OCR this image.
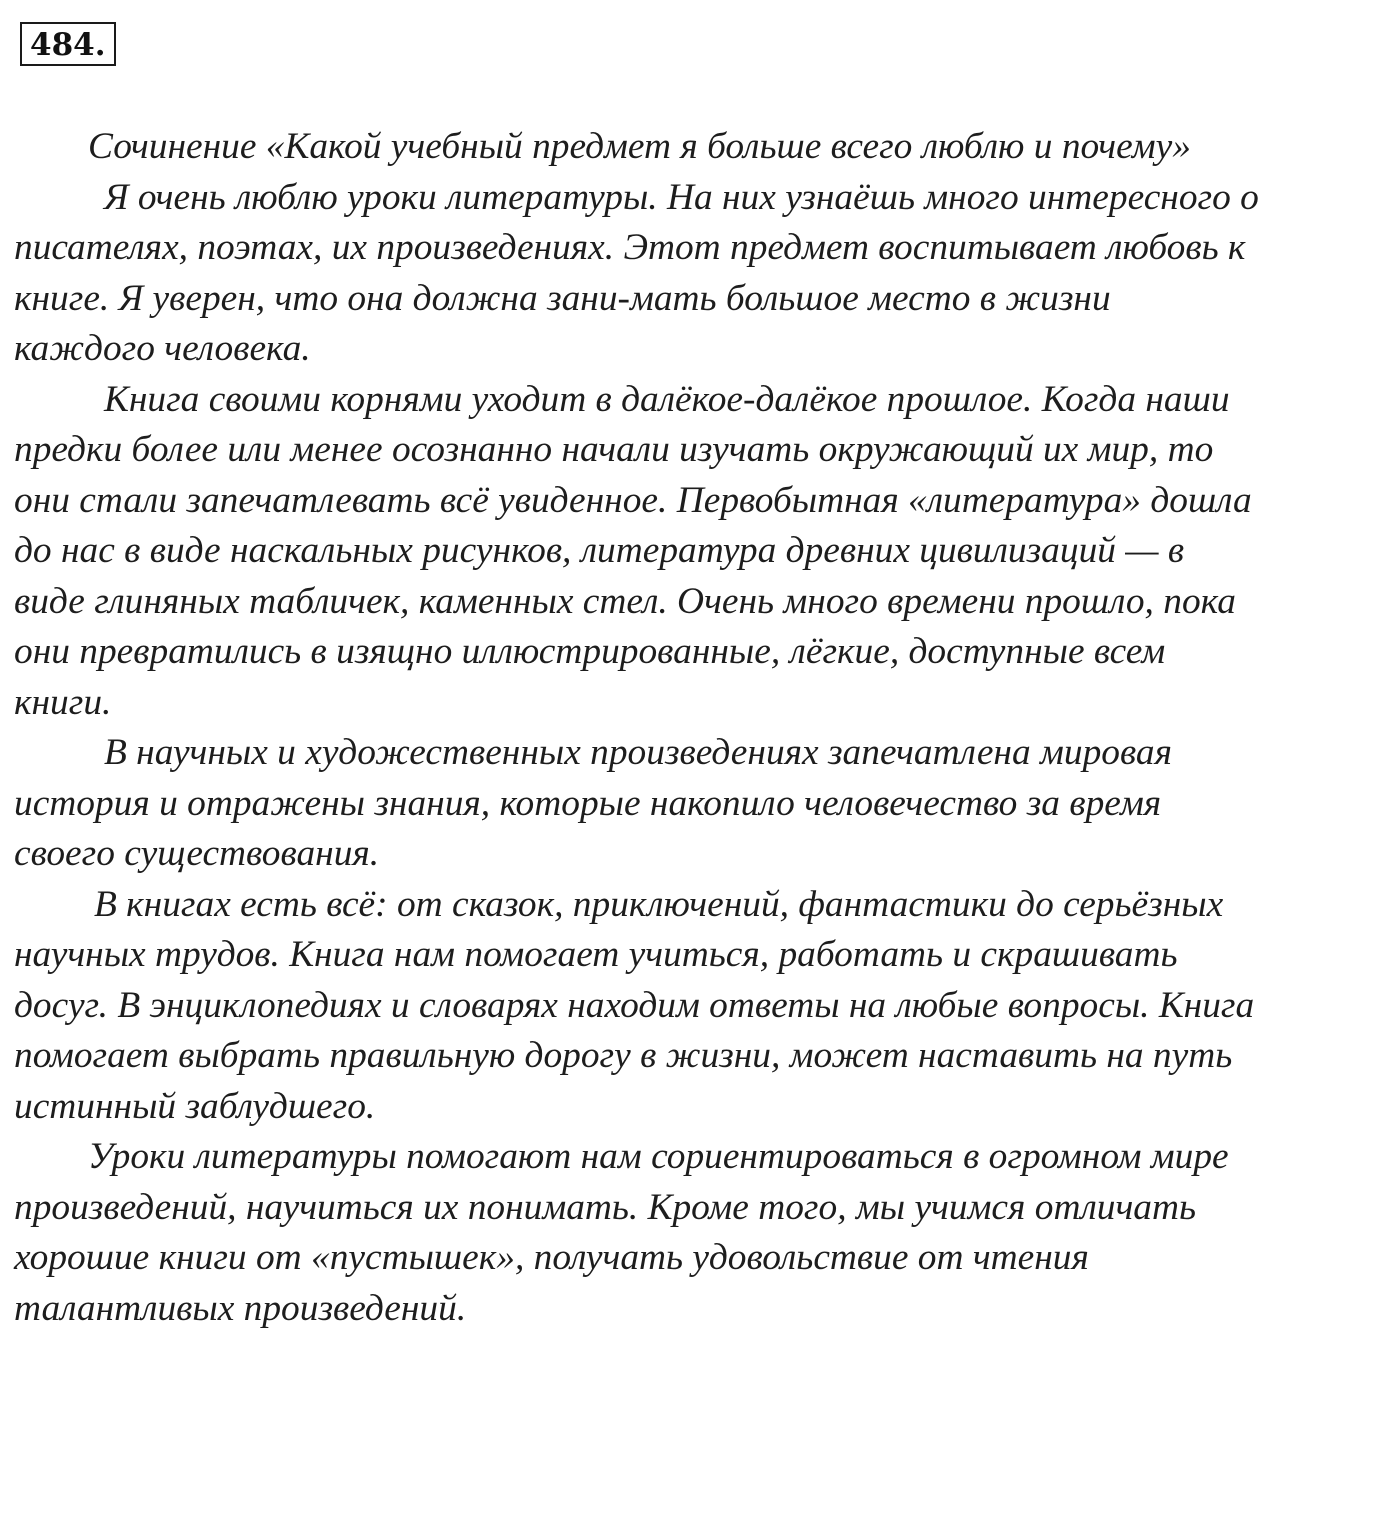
484.

Сочинение «Какой учебный предмет я больше всего люблю и почему»

Я очень люблю уроки литературы. На них узнаёшь много интересного о
писателях, поэтах, их произведениях. Этот предмет воспитывает любовь к
книге. Я уверен, что она должна зани-мать большое место в жизни
каждого человека.

Книга своими корнями уходит в далёкое-далёкое прошлое. Когда наши
предки более или менее осознанно начали изучать окружающий их мир, то
они стали запечатлевать всё увиденное. Первобытная «литература» дошла
до нас в виде наскальных рисунков, литература древних цивилизаций — в
виде глиняных табличек, каменных стел. Очень много времени прошло, пока
они превратились в изящно иллюстрированные, лёгкие, доступные всем
книги.

В научных и художественных произведениях запечатлена мировая
история и отражены знания, которые накопило человечество за время
своего существования.

В книгах есть всё: от сказок, приключений, фантастики до серьёзных
научных трудов. Книга нам помогает учиться, работать и скрашивать
досуг. В энциклопедиях и словарях находим ответы на любые вопросы. Книга
помогает выбрать правильную дорогу в жизни, может наставить на путь
истинный заблудшего.

Уроки литературы помогают нам сориентироваться в огромном мире
произведений, научиться их понимать. Кроме того, мы учимся отличать
хорошие книги от «пустышек», получать удовольствие от чтения
талантливых произведений.
